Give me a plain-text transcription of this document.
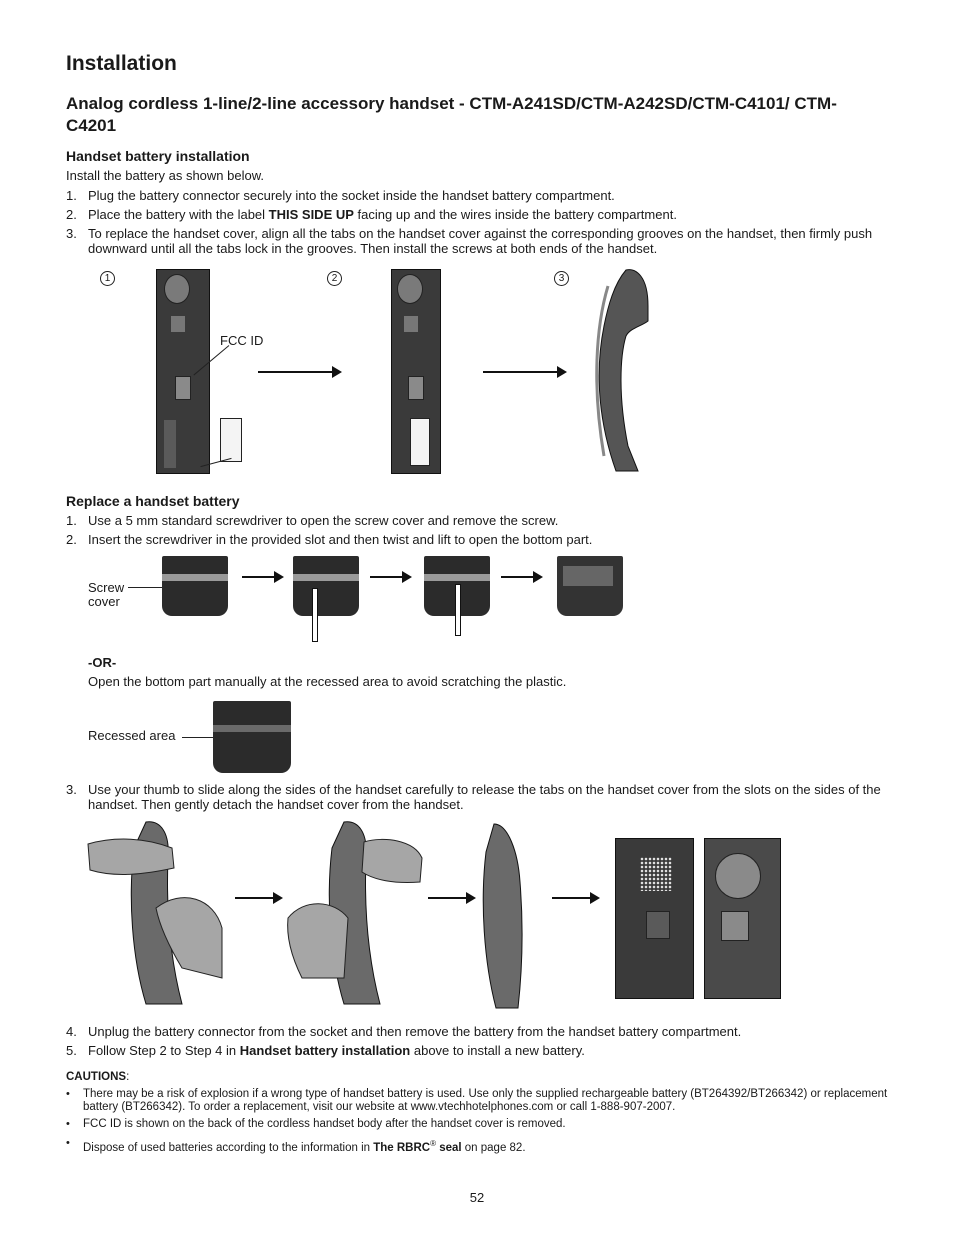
Installation
Analog cordless 1-line/2-line accessory handset - CTM-A241SD/CTM-A242SD/CTM-C4101/ CTM-C4201
Handset battery installation
Install the battery as shown below.
1. Plug the battery connector securely into the socket inside the handset battery compartment.
2. Place the battery with the label THIS SIDE UP facing up and the wires inside the battery compartment.
3. To replace the handset cover, align all the tabs on the handset cover against the corresponding grooves on the handset, then firmly push downward until all the tabs lock in the grooves. Then install the screws at both ends of the handset.
1	2	3
FCC ID
Replace a handset battery
1. Use a 5 mm standard screwdriver to open the screw cover and remove the screw.
2. Insert the screwdriver in the provided slot and then twist and lift to open the bottom part.
Screw
cover
-OR-
Open the bottom part manually at the recessed area to avoid scratching the plastic.
Recessed area
3. Use your thumb to slide along the sides of the handset carefully to release the tabs on the handset cover from the slots on the sides of the handset. Then gently detach the handset cover from the handset.
4. Unplug the battery connector from the socket and then remove the battery from the handset battery compartment.
5. Follow Step 2 to Step 4 in Handset battery installation above to install a new battery.
CAUTIONS:
• There may be a risk of explosion if a wrong type of handset battery is used. Use only the supplied rechargeable battery (BT264392/BT266342) or replacement battery (BT266342). To order a replacement, visit our website at www.vtechhotelphones.com or call 1-888-907-2007.
• FCC ID is shown on the back of the cordless handset body after the handset cover is removed.
• Dispose of used batteries according to the information in The RBRC® seal on page 82.
52
